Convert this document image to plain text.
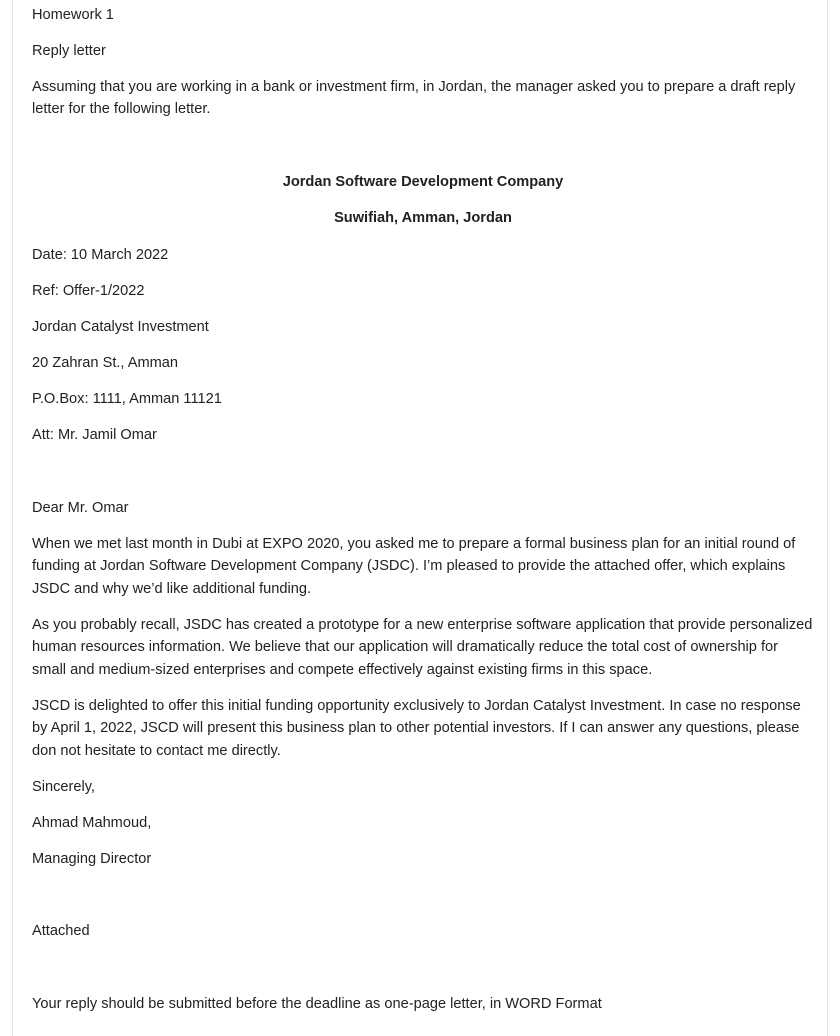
Homework 1
Reply letter
Assuming that you are working in a bank or investment firm, in Jordan, the manager asked you to prepare a draft reply letter for the following letter.
Jordan Software Development Company
Suwifiah, Amman, Jordan
Date: 10 March 2022
Ref: Offer-1/2022
Jordan Catalyst Investment
20 Zahran St., Amman
P.O.Box: 1111, Amman 11121
Att: Mr. Jamil Omar
Dear Mr. Omar
When we met last month in Dubi at EXPO 2020, you asked me to prepare a formal business plan for an initial round of funding at Jordan Software Development Company (JSDC). I’m pleased to provide the attached offer, which explains JSDC and why we’d like additional funding.
As you probably recall, JSDC has created a prototype for a new enterprise software application that provide personalized human resources information. We believe that our application will dramatically reduce the total cost of ownership for small and medium-sized enterprises and compete effectively against existing firms in this space.
JSCD is delighted to offer this initial funding opportunity exclusively to Jordan Catalyst Investment. In case no response by April 1, 2022, JSCD will present this business plan to other potential investors. If I can answer any questions, please don not hesitate to contact me directly.
Sincerely,
Ahmad Mahmoud,
Managing Director
Attached
Your reply should be submitted before the deadline as one-page letter, in WORD Format
